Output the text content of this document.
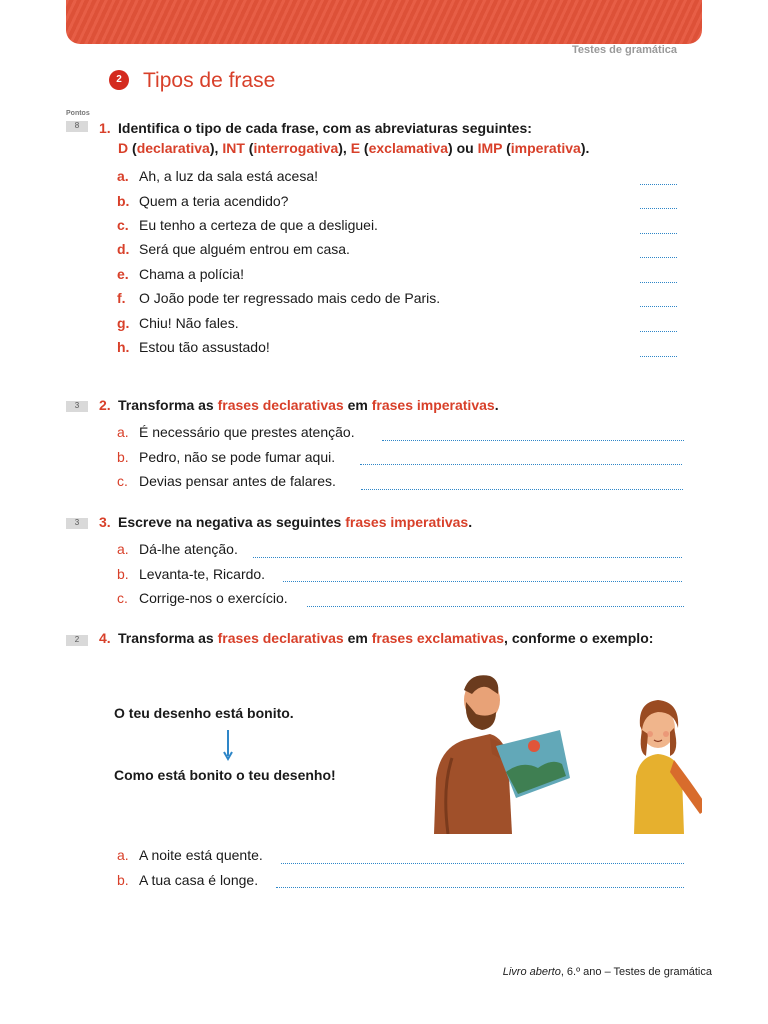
Testes de gramática
2	Tipos de frase
Pontos
8	1. Identifica o tipo de cada frase, com as abreviaturas seguintes:
D (declarativa), INT (interrogativa), E (exclamativa) ou IMP (imperativa).
a. Ah, a luz da sala está acesa!
b. Quem a teria acendido?
c. Eu tenho a certeza de que a desliguei.
d. Será que alguém entrou em casa.
e. Chama a polícia!
f. O João pode ter regressado mais cedo de Paris.
g. Chiu! Não fales.
h. Estou tão assustado!
3	2. Transforma as frases declarativas em frases imperativas.
a. É necessário que prestes atenção.
b. Pedro, não se pode fumar aqui.
c. Devias pensar antes de falares.
3	3. Escreve na negativa as seguintes frases imperativas.
a. Dá-lhe atenção.
b. Levanta-te, Ricardo.
c. Corrige-nos o exercício.
2	4. Transforma as frases declarativas em frases exclamativas, conforme o exemplo:
O teu desenho está bonito.
Como está bonito o teu desenho!
a. A noite está quente.
b. A tua casa é longe.
Livro aberto, 6.º ano – Testes de gramática
